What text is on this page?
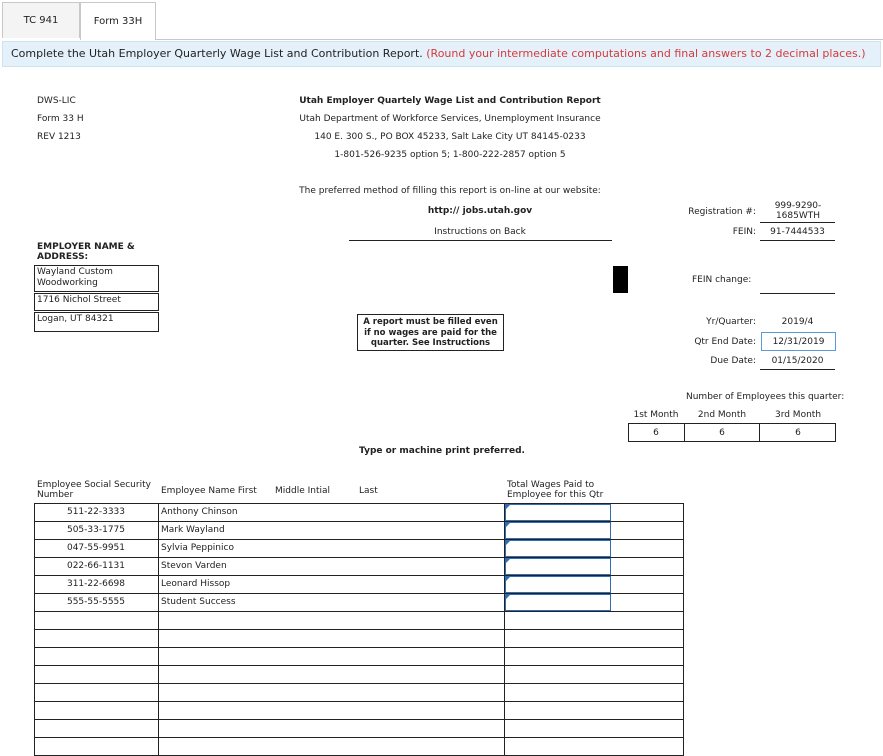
TC 941	Form 33H
Complete the Utah Employer Quarterly Wage List and Contribution Report. (Round your intermediate computations and final answers to 2 decimal places.)
DWS-LIC
Form 33 H
REV 1213
Utah Employer Quartely Wage List and Contribution Report
Utah Department of Workforce Services, Unemployment Insurance
140 E. 300 S., PO BOX 45233, Salt Lake City UT 84145-0233
1-801-526-9235 option 5; 1-800-222-2857 option 5
The preferred method of filling this report is on-line at our website:
http:// jobs.utah.gov
Instructions on Back
Registration #:
999-9290-1685WTH
FEIN:	91-7444533
FEIN change:
EMPLOYER NAME & ADDRESS:
Wayland Custom Woodworking
1716 Nichol Street
Logan, UT 84321	A report must be filled even if no wages are paid for the quarter. See Instructions
Yr/Quarter:	2019/4
Qtr End Date:	12/31/2019
Due Date:	01/15/2020
Number of Employees this quarter:
1st Month	2nd Month	3rd Month
6	6	6
Type or machine print preferred.
Employee Social Security Number	Employee Name First Middle Intial	Last
Total Wages Paid to Employee for this Qtr
511-22-3333	Anthony Chinson
505-33-1775	Mark Wayland
047-55-9951	Sylvia Peppinico
022-66-1131	Stevon Varden
311-22-6698	Leonard Hissop
555-55-5555	Student Success
